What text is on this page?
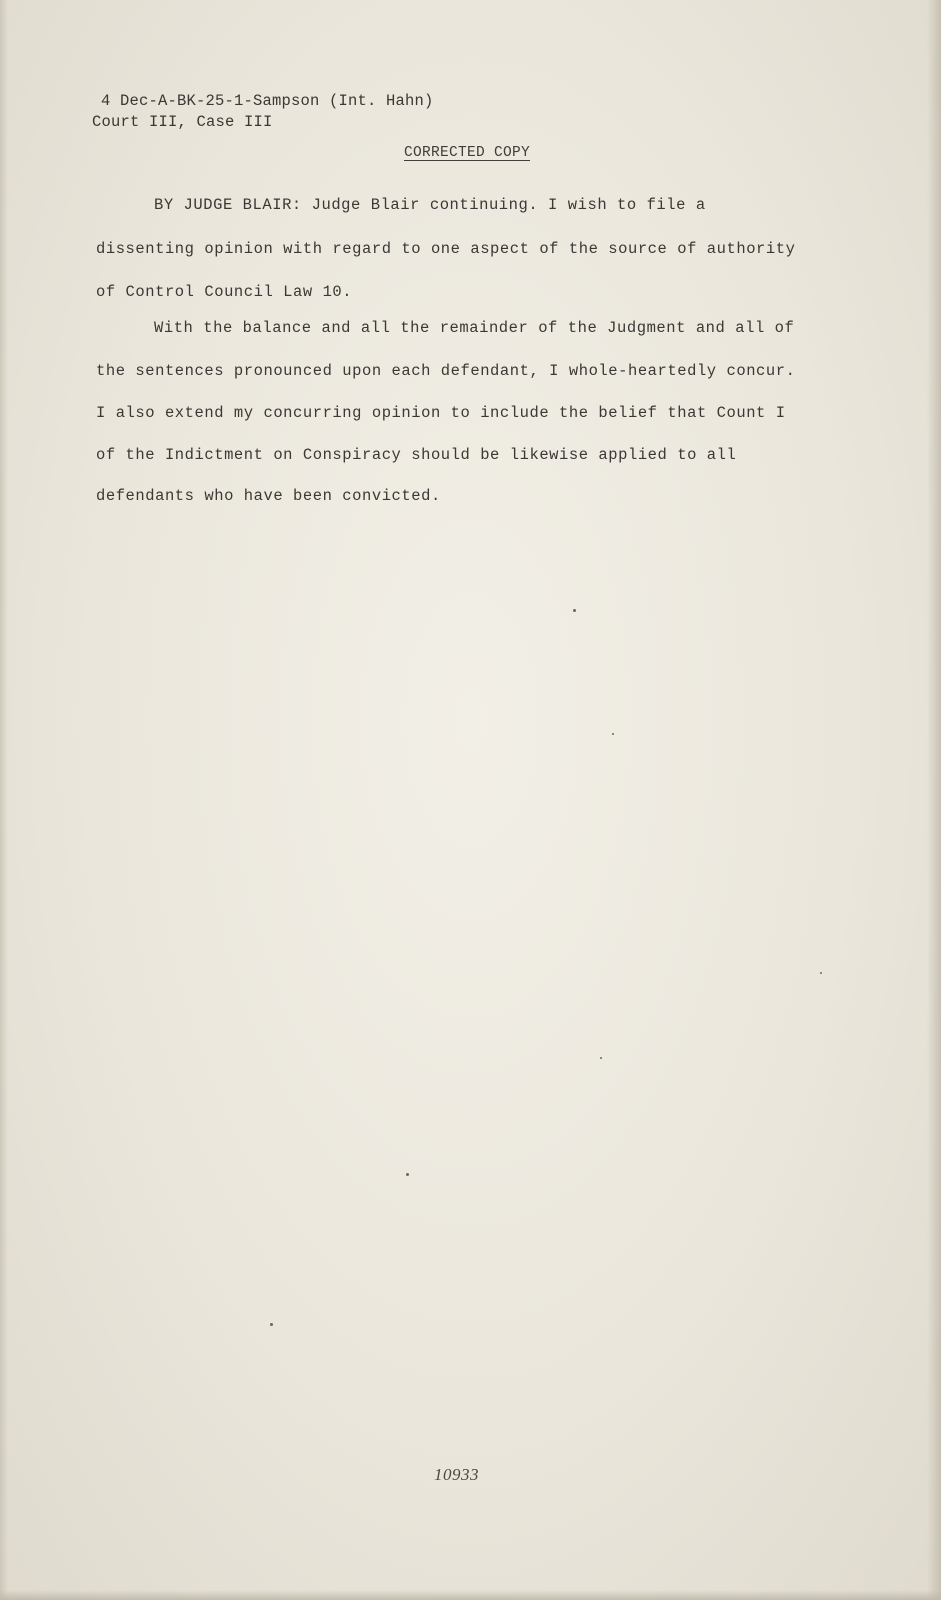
4 Dec-A-BK-25-1-Sampson (Int. Hahn)
Court III, Case III
CORRECTED COPY
BY JUDGE BLAIR: Judge Blair continuing. I wish to file a
dissenting opinion with regard to one aspect of the source of authority
of Control Council Law 10.
With the balance and all the remainder of the Judgment and all of
the sentences pronounced upon each defendant, I whole-heartedly concur.
I also extend my concurring opinion to include the belief that Count I
of the Indictment on Conspiracy should be likewise applied to all
defendants who have been convicted.
10933
